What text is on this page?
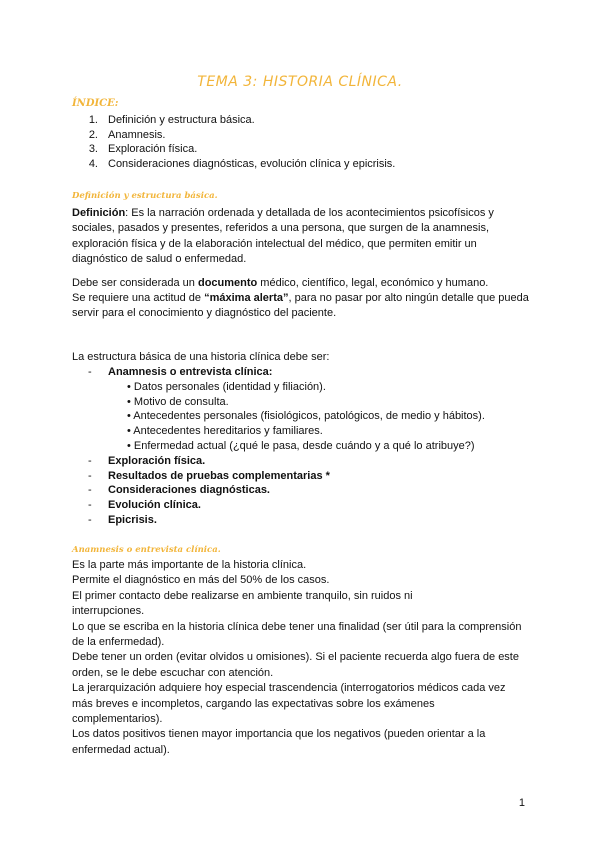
TEMA 3: HISTORIA CLÍNICA.
ÍNDICE:
1. Definición y estructura básica.
2. Anamnesis.
3. Exploración física.
4. Consideraciones diagnósticas, evolución clínica y epicrisis.
Definición y estructura básica.

Definición: Es la narración ordenada y detallada de los acontecimientos psicofísicos y sociales, pasados y presentes, referidos a una persona, que surgen de la anamnesis, exploración física y de la elaboración intelectual del médico, que permiten emitir un diagnóstico de salud o enfermedad.

Debe ser considerada un documento médico, científico, legal, económico y humano.

Se requiere una actitud de “máxima alerta”, para no pasar por alto ningún detalle que pueda servir para el conocimiento y diagnóstico del paciente.

La estructura básica de una historia clínica debe ser:

-	Anamnesis o entrevista clínica:
• Datos personales (identidad y filiación).
• Motivo de consulta.
• Antecedentes personales (fisiológicos, patológicos, de medio y hábitos).
• Antecedentes hereditarios y familiares.
• Enfermedad actual (¿qué le pasa, desde cuándo y a qué lo atribuye?)
-	Exploración física.
-	Resultados de pruebas complementarias *
-	Consideraciones diagnósticas.
-	Evolución clínica.
-	Epicrisis.
Anamnesis o entrevista clínica.
Es la parte más importante de la historia clínica.
Permite el diagnóstico en más del 50% de los casos.
El primer contacto debe realizarse en ambiente tranquilo, sin ruidos ni
interrupciones.
Lo que se escriba en la historia clínica debe tener una finalidad (ser útil para la comprensión
de la enfermedad).
Debe tener un orden (evitar olvidos u omisiones). Si el paciente recuerda algo fuera de este
orden, se le debe escuchar con atención.
La jerarquización adquiere hoy especial trascendencia (interrogatorios médicos cada vez
más breves e incompletos, cargando las expectativas sobre los exámenes
complementarios).
Los datos positivos tienen mayor importancia que los negativos (pueden orientar a la
enfermedad actual).
1
